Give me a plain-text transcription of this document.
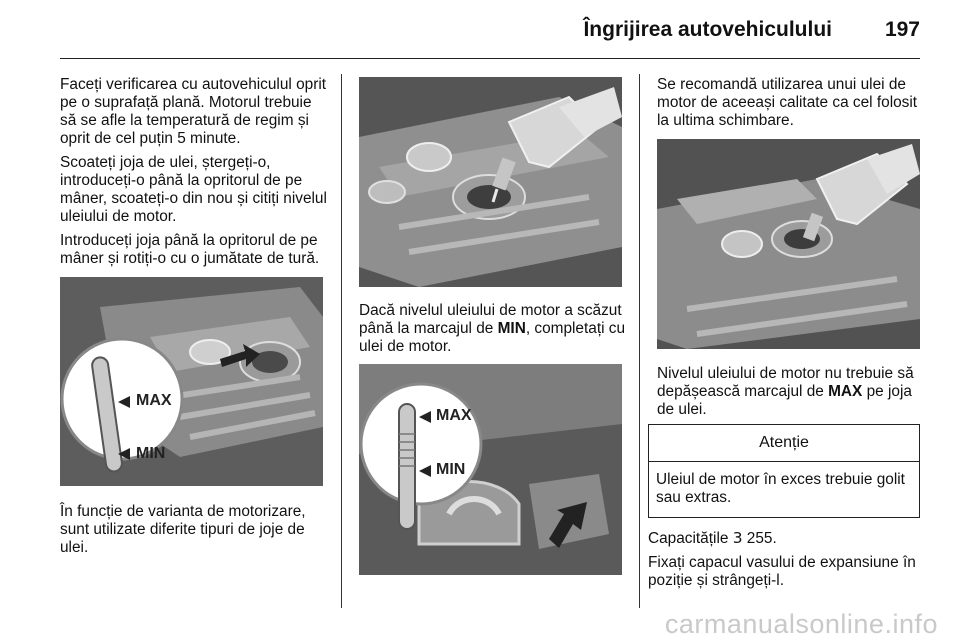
Îngrijirea autovehiculului	197

Faceți verificarea cu autovehiculul oprit pe o suprafață plană. Motorul trebuie să se afle la temperatură de regim și oprit de cel puțin 5 minute.

Scoateți joja de ulei, ștergeți-o, introduceți-o până la opritorul de pe mâner, scoateți-o din nou și citiți nivelul uleiului de motor.

Introduceți joja până la opritorul de pe mâner și rotiți-o cu o jumătate de tură.

MAX
MIN

În funcție de varianta de motorizare, sunt utilizate diferite tipuri de joje de ulei.

Dacă nivelul uleiului de motor a scăzut până la marcajul de MIN, completați cu ulei de motor.

MAX
MIN

Se recomandă utilizarea unui ulei de motor de aceeași calitate ca cel folosit la ultima schimbare.

Nivelul uleiului de motor nu trebuie să depășească marcajul de MAX pe joja de ulei.

Atenție
Uleiul de motor în exces trebuie golit sau extras.

Capacitățile 3 255.

Fixați capacul vasului de expansiune în poziție și strângeți-l.

carmanualsonline.info
